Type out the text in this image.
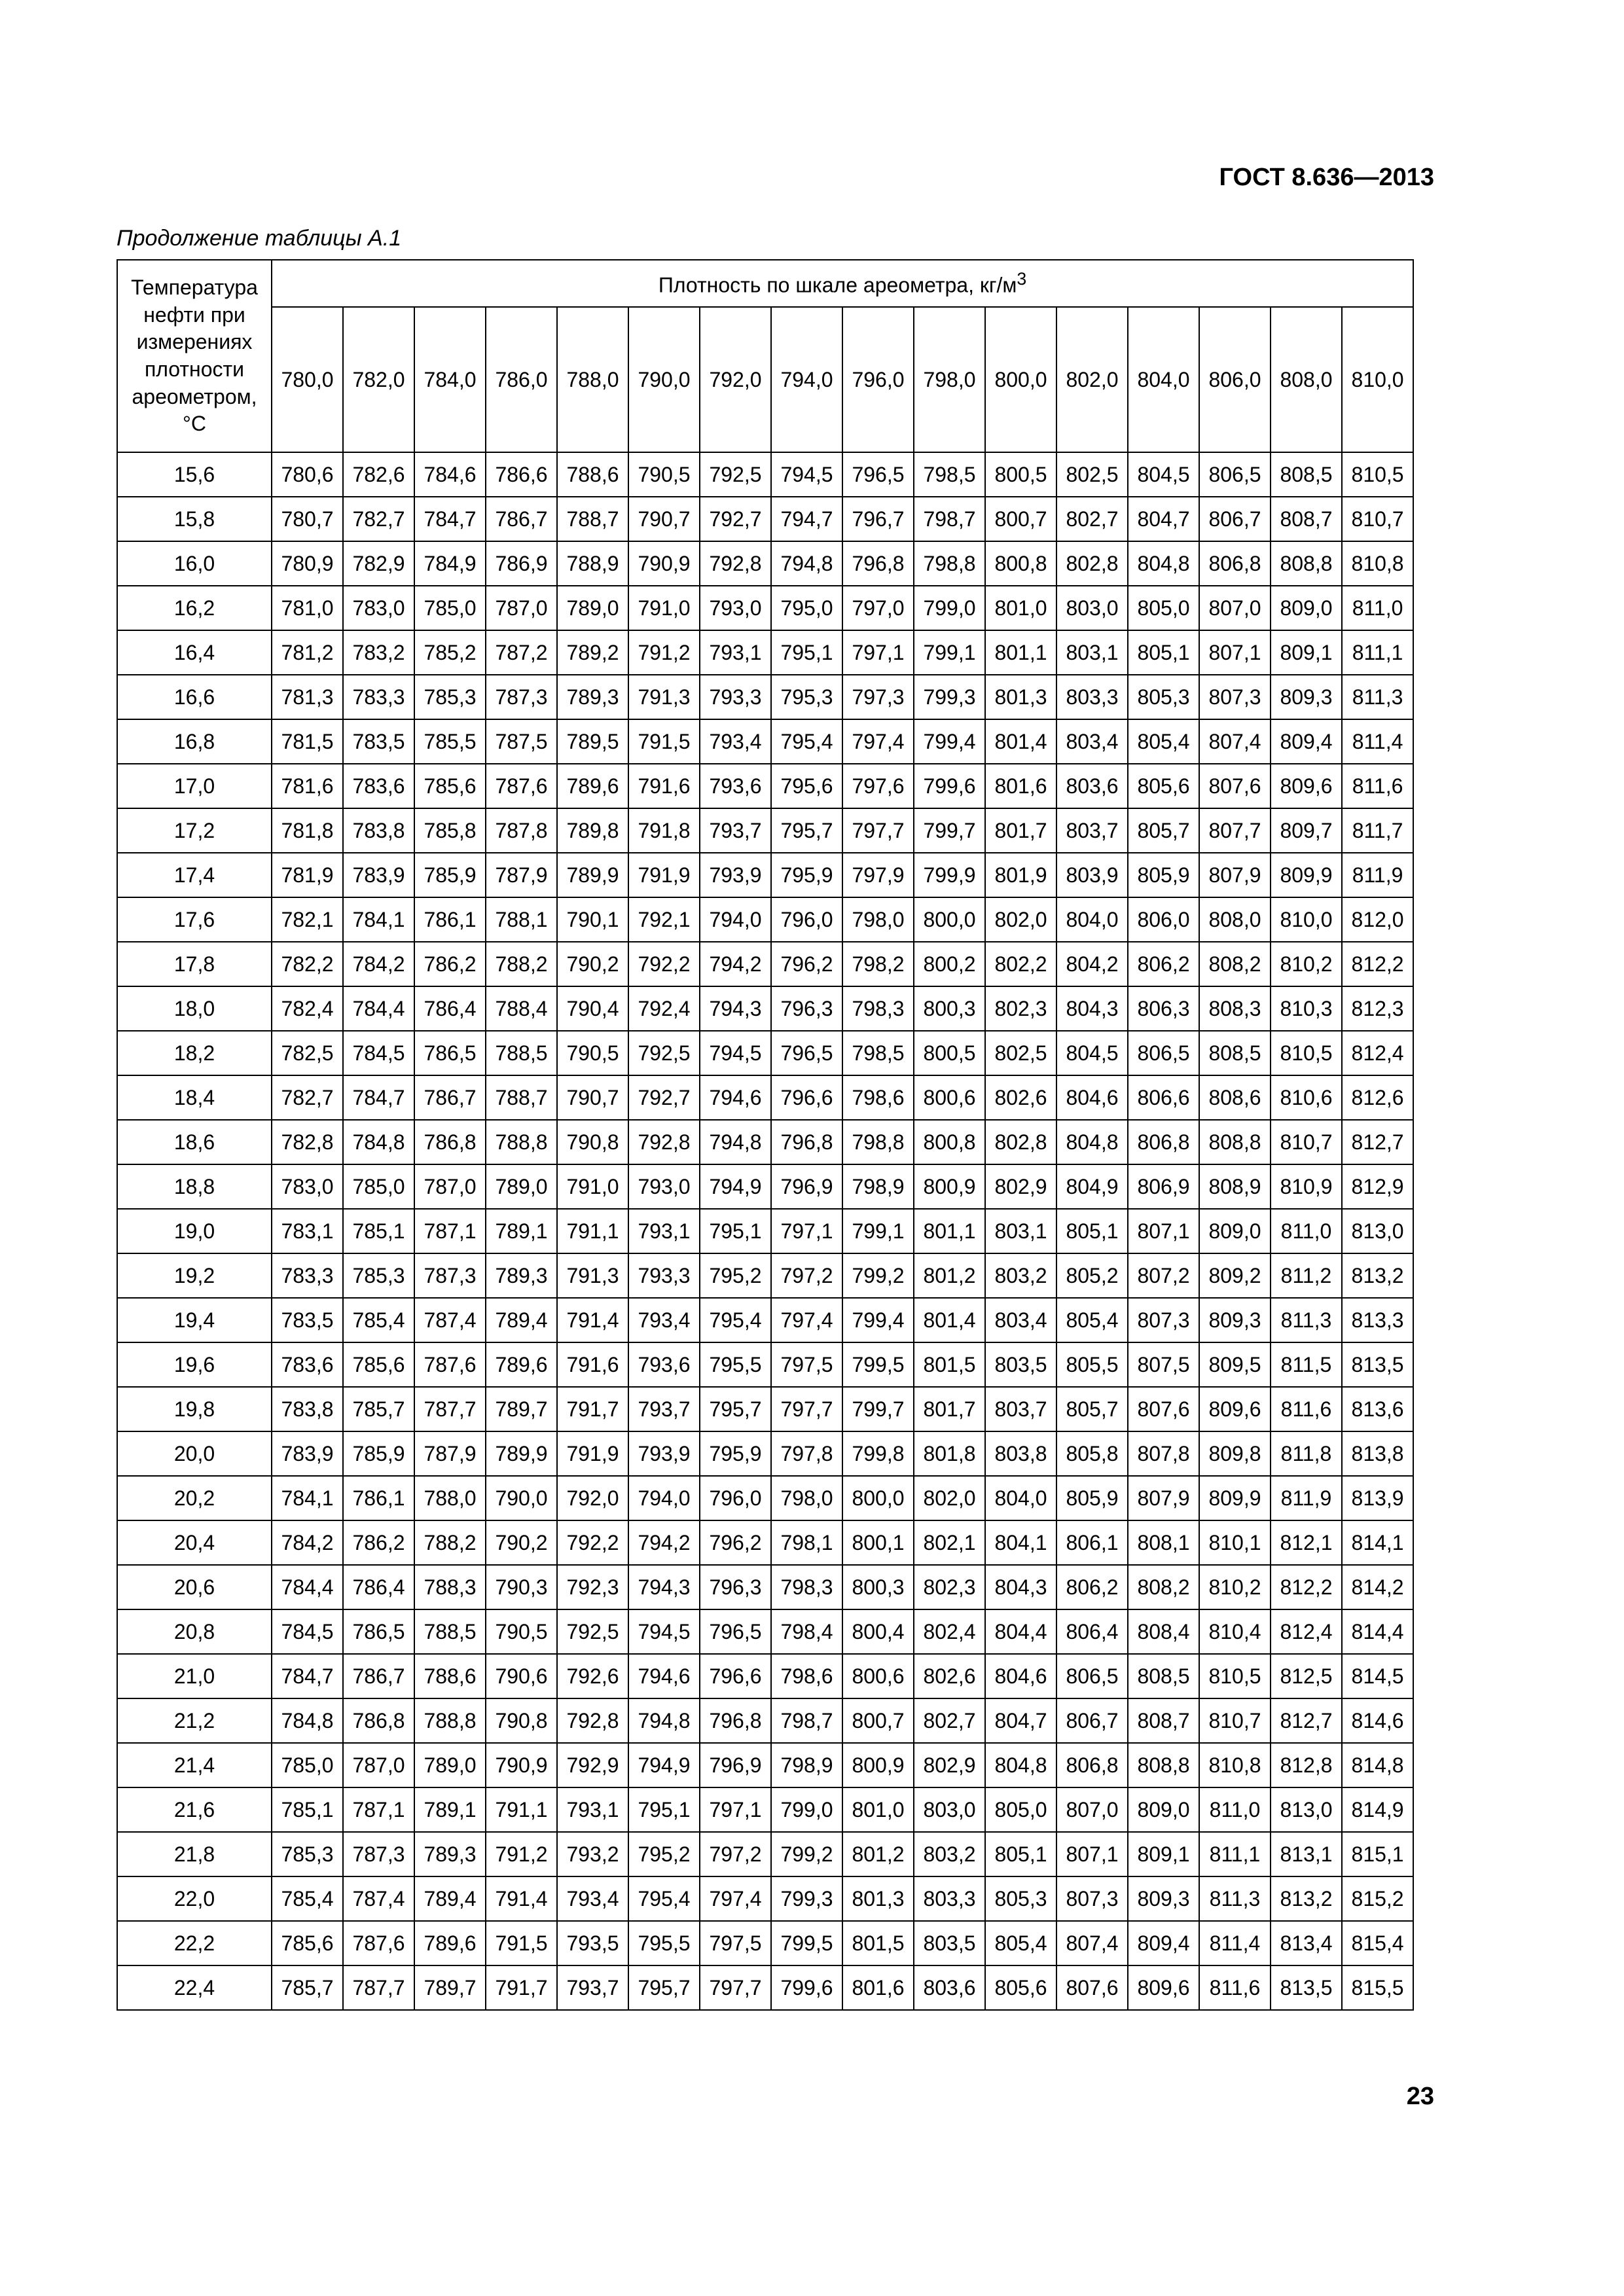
ГОСТ 8.636—2013
Продолжение таблицы А.1
Температура нефти при измерениях плотности ареометром, °С	Плотность по шкале ареометра, $кг/м^3$
	780,0	782,0	784,0	786,0	788,0	790,0	792,0	794,0	796,0	798,0	800,0	802,0	804,0	806,0	808,0	810,0
15,6	780,6	782,6	784,6	786,6	788,6	790,5	792,5	794,5	796,5	798,5	800,5	802,5	804,5	806,5	808,5	810,5
15,8	780,7	782,7	784,7	786,7	788,7	790,7	792,7	794,7	796,7	798,7	800,7	802,7	804,7	806,7	808,7	810,7
16,0	780,9	782,9	784,9	786,9	788,9	790,9	792,8	794,8	796,8	798,8	800,8	802,8	804,8	806,8	808,8	810,8
16,2	781,0	783,0	785,0	787,0	789,0	791,0	793,0	795,0	797,0	799,0	801,0	803,0	805,0	807,0	809,0	811,0
16,4	781,2	783,2	785,2	787,2	789,2	791,2	793,1	795,1	797,1	799,1	801,1	803,1	805,1	807,1	809,1	811,1
16,6	781,3	783,3	785,3	787,3	789,3	791,3	793,3	795,3	797,3	799,3	801,3	803,3	805,3	807,3	809,3	811,3
16,8	781,5	783,5	785,5	787,5	789,5	791,5	793,4	795,4	797,4	799,4	801,4	803,4	805,4	807,4	809,4	811,4
17,0	781,6	783,6	785,6	787,6	789,6	791,6	793,6	795,6	797,6	799,6	801,6	803,6	805,6	807,6	809,6	811,6
17,2	781,8	783,8	785,8	787,8	789,8	791,8	793,7	795,7	797,7	799,7	801,7	803,7	805,7	807,7	809,7	811,7
17,4	781,9	783,9	785,9	787,9	789,9	791,9	793,9	795,9	797,9	799,9	801,9	803,9	805,9	807,9	809,9	811,9
17,6	782,1	784,1	786,1	788,1	790,1	792,1	794,0	796,0	798,0	800,0	802,0	804,0	806,0	808,0	810,0	812,0
17,8	782,2	784,2	786,2	788,2	790,2	792,2	794,2	796,2	798,2	800,2	802,2	804,2	806,2	808,2	810,2	812,2
18,0	782,4	784,4	786,4	788,4	790,4	792,4	794,3	796,3	798,3	800,3	802,3	804,3	806,3	808,3	810,3	812,3
18,2	782,5	784,5	786,5	788,5	790,5	792,5	794,5	796,5	798,5	800,5	802,5	804,5	806,5	808,5	810,5	812,4
18,4	782,7	784,7	786,7	788,7	790,7	792,7	794,6	796,6	798,6	800,6	802,6	804,6	806,6	808,6	810,6	812,6
18,6	782,8	784,8	786,8	788,8	790,8	792,8	794,8	796,8	798,8	800,8	802,8	804,8	806,8	808,8	810,7	812,7
18,8	783,0	785,0	787,0	789,0	791,0	793,0	794,9	796,9	798,9	800,9	802,9	804,9	806,9	808,9	810,9	812,9
19,0	783,1	785,1	787,1	789,1	791,1	793,1	795,1	797,1	799,1	801,1	803,1	805,1	807,1	809,0	811,0	813,0
19,2	783,3	785,3	787,3	789,3	791,3	793,3	795,2	797,2	799,2	801,2	803,2	805,2	807,2	809,2	811,2	813,2
19,4	783,5	785,4	787,4	789,4	791,4	793,4	795,4	797,4	799,4	801,4	803,4	805,4	807,3	809,3	811,3	813,3
19,6	783,6	785,6	787,6	789,6	791,6	793,6	795,5	797,5	799,5	801,5	803,5	805,5	807,5	809,5	811,5	813,5
19,8	783,8	785,7	787,7	789,7	791,7	793,7	795,7	797,7	799,7	801,7	803,7	805,7	807,6	809,6	811,6	813,6
20,0	783,9	785,9	787,9	789,9	791,9	793,9	795,9	797,8	799,8	801,8	803,8	805,8	807,8	809,8	811,8	813,8
20,2	784,1	786,1	788,0	790,0	792,0	794,0	796,0	798,0	800,0	802,0	804,0	805,9	807,9	809,9	811,9	813,9
20,4	784,2	786,2	788,2	790,2	792,2	794,2	796,2	798,1	800,1	802,1	804,1	806,1	808,1	810,1	812,1	814,1
20,6	784,4	786,4	788,3	790,3	792,3	794,3	796,3	798,3	800,3	802,3	804,3	806,2	808,2	810,2	812,2	814,2
20,8	784,5	786,5	788,5	790,5	792,5	794,5	796,5	798,4	800,4	802,4	804,4	806,4	808,4	810,4	812,4	814,4
21,0	784,7	786,7	788,6	790,6	792,6	794,6	796,6	798,6	800,6	802,6	804,6	806,5	808,5	810,5	812,5	814,5
21,2	784,8	786,8	788,8	790,8	792,8	794,8	796,8	798,7	800,7	802,7	804,7	806,7	808,7	810,7	812,7	814,6
21,4	785,0	787,0	789,0	790,9	792,9	794,9	796,9	798,9	800,9	802,9	804,8	806,8	808,8	810,8	812,8	814,8
21,6	785,1	787,1	789,1	791,1	793,1	795,1	797,1	799,0	801,0	803,0	805,0	807,0	809,0	811,0	813,0	814,9
21,8	785,3	787,3	789,3	791,2	793,2	795,2	797,2	799,2	801,2	803,2	805,1	807,1	809,1	811,1	813,1	815,1
22,0	785,4	787,4	789,4	791,4	793,4	795,4	797,4	799,3	801,3	803,3	805,3	807,3	809,3	811,3	813,2	815,2
22,2	785,6	787,6	789,6	791,5	793,5	795,5	797,5	799,5	801,5	803,5	805,4	807,4	809,4	811,4	813,4	815,4
22,4	785,7	787,7	789,7	791,7	793,7	795,7	797,7	799,6	801,6	803,6	805,6	807,6	809,6	811,6	813,5	815,5
23
